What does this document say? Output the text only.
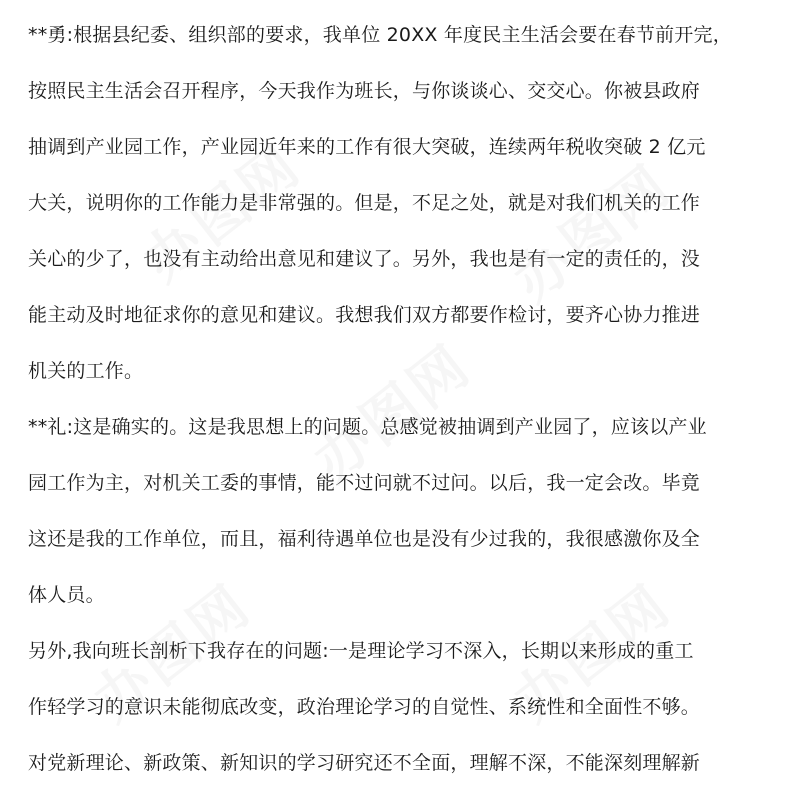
办图网	办图网
办图网
办图网	办图网
**勇:根据县纪委、组织部的要求，我单位 20XX 年度民主生活会要在春节前开完，
按照民主生活会召开程序，今天我作为班长，与你谈谈心、交交心。你被县政府
抽调到产业园工作，产业园近年来的工作有很大突破，连续两年税收突破 2 亿元
大关，说明你的工作能力是非常强的。但是，不足之处，就是对我们机关的工作
关心的少了，也没有主动给出意见和建议了。另外，我也是有一定的责任的，没
能主动及时地征求你的意见和建议。我想我们双方都要作检讨，要齐心协力推进
机关的工作。
**礼:这是确实的。这是我思想上的问题。总感觉被抽调到产业园了，应该以产业
园工作为主，对机关工委的事情，能不过问就不过问。以后，我一定会改。毕竟
这还是我的工作单位，而且，福利待遇单位也是没有少过我的，我很感激你及全
体人员。
另外,我向班长剖析下我存在的问题:一是理论学习不深入，长期以来形成的重工
作轻学习的意识未能彻底改变，政治理论学习的自觉性、系统性和全面性不够。
对党新理论、新政策、新知识的学习研究还不全面，理解不深，不能深刻理解新
